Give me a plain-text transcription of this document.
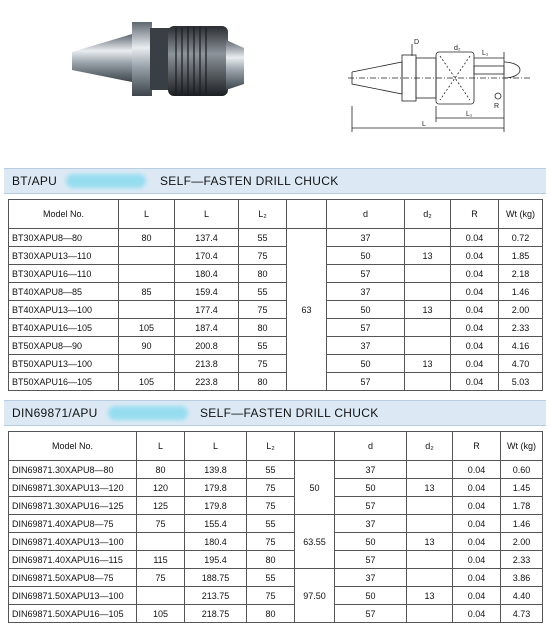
D
d₂
L₁
L₁
L
R
BT/APU	SELF—FASTEN DRILL CHUCK
Model No.	L	L	L₂		d	d₂	R	Wt (kg)
BT30XAPU8—80	80	137.4	55	63	37		0.04	0.72
BT30XAPU13—110		170.4	75		50	13	0.04	1.85
BT30XAPU16—110		180.4	80		57		0.04	2.18
BT40XAPU8—85	85	159.4	55		37		0.04	1.46
BT40XAPU13—100		177.4	75		50	13	0.04	2.00
BT40XAPU16—105	105	187.4	80		57		0.04	2.33
BT50XAPU8—90	90	200.8	55		37		0.04	4.16
BT50XAPU13—100		213.8	75		50	13	0.04	4.70
BT50XAPU16—105	105	223.8	80		57		0.04	5.03
DIN69871/APU	SELF—FASTEN DRILL CHUCK
Model No.	L	L	L₂		d	d₂	R	Wt (kg)
DIN69871.30XAPU8—80	80	139.8	55	50	37		0.04	0.60
DIN69871.30XAPU13—120	120	179.8	75		50	13	0.04	1.45
DIN69871.30XAPU16—125	125	179.8	75		57		0.04	1.78
DIN69871.40XAPU8—75	75	155.4	55	63.55	37		0.04	1.46
DIN69871.40XAPU13—100		180.4	75		50	13	0.04	2.00
DIN69871.40XAPU16—115	115	195.4	80		57		0.04	2.33
DIN69871.50XAPU8—75	75	188.75	55	97.50	37		0.04	3.86
DIN69871.50XAPU13—100		213.75	75		50	13	0.04	4.40
DIN69871.50XAPU16—105	105	218.75	80		57		0.04	4.73
